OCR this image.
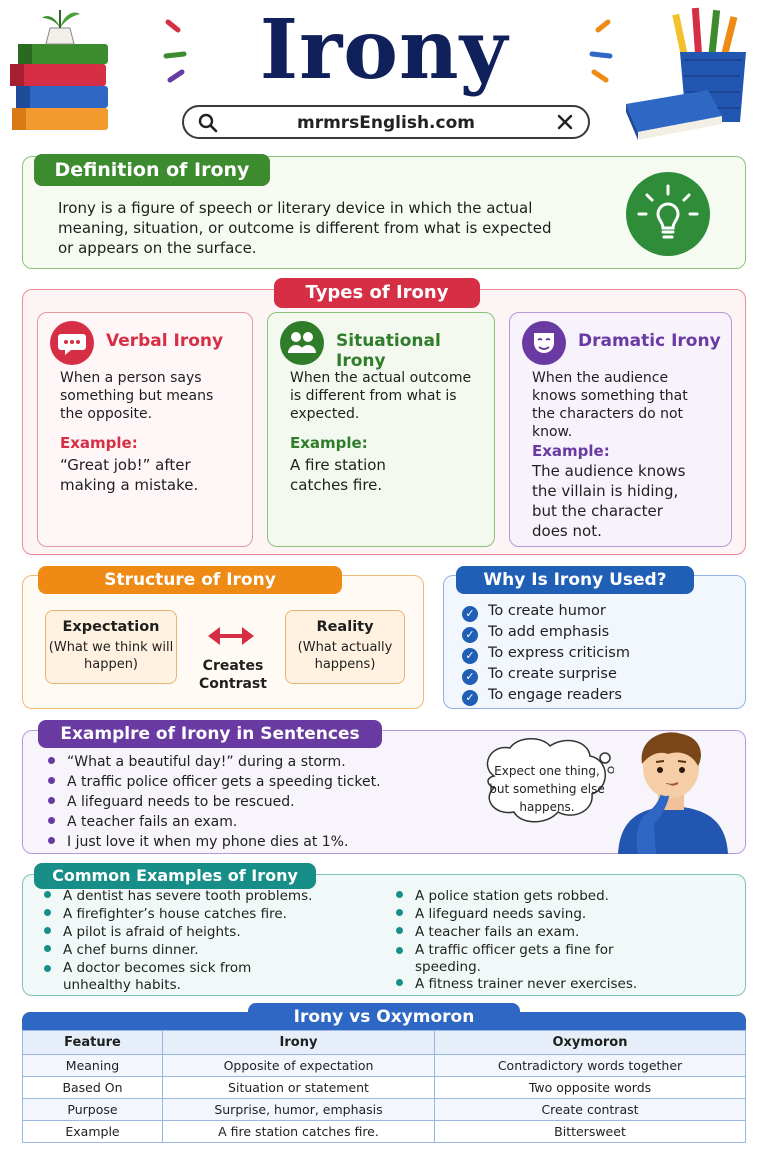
Irony
mrmrsEnglish.com
Definition of Irony
Irony is a figure of speech or literary device in which the actual meaning, situation, or outcome is different from what is expected or appears on the surface.
Types of Irony
Verbal Irony
When a person says something but means the opposite.
Example:
“Great job!” after making a mistake.
Situational Irony
When the actual outcome is different from what is expected.
Example:
A fire station catches fire.
Dramatic Irony
When the audience knows something that the characters do not know.
Example:
The audience knows the villain is hiding, but the character does not.
Structure of Irony
Expectation
(What we think will happen)	Creates Contrast
Reality
(What actually happens)
Why Is Irony Used?
✓ To create humor
✓ To add emphasis
✓ To express criticism
✓ To create surprise
✓ To engage readers
Examplre of Irony in Sentences
“What a beautiful day!” during a storm.
A traffic police officer gets a speeding ticket.
A lifeguard needs to be rescued.
A teacher fails an exam.
I just love it when my phone dies at 1%.
Expect one thing, but something else happens.
Common Examples of Irony
A dentist has severe tooth problems.
A firefighter’s house catches fire.
A pilot is afraid of heights.
A chef burns dinner.
A doctor becomes sick from unhealthy habits.
A police station gets robbed.
A lifeguard needs saving.
A teacher fails an exam.
A traffic officer gets a fine for speeding.
A fitness trainer never exercises.
Irony vs Oxymoron
Feature	Irony	Oxymoron
Meaning	Opposite of expectation	Contradictory words together
Based On	Situation or statement	Two opposite words
Purpose	Surprise, humor, emphasis	Create contrast
Example	A fire station catches fire.	Bittersweet
